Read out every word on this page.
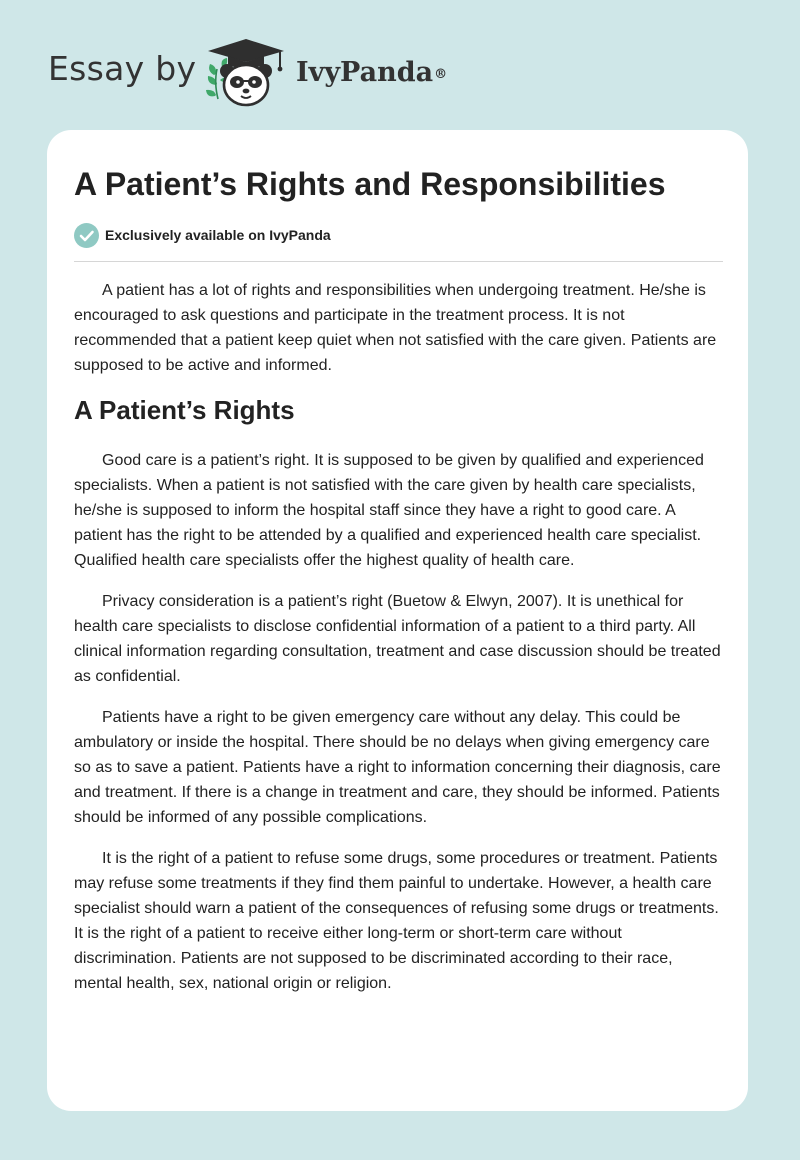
Essay by	IvyPanda®
A Patient’s Rights and Responsibilities
Exclusively available on IvyPanda

A patient has a lot of rights and responsibilities when undergoing treatment. He/she is encouraged to ask questions and participate in the treatment process. It is not recommended that a patient keep quiet when not satisfied with the care given. Patients are supposed to be active and informed.

A Patient’s Rights

Good care is a patient’s right. It is supposed to be given by qualified and experienced specialists. When a patient is not satisfied with the care given by health care specialists, he/she is supposed to inform the hospital staff since they have a right to good care. A patient has the right to be attended by a qualified and experienced health care specialist. Qualified health care specialists offer the highest quality of health care.

Privacy consideration is a patient’s right (Buetow & Elwyn, 2007). It is unethical for health care specialists to disclose confidential information of a patient to a third party. All clinical information regarding consultation, treatment and case discussion should be treated as confidential.

Patients have a right to be given emergency care without any delay. This could be ambulatory or inside the hospital. There should be no delays when giving emergency care so as to save a patient. Patients have a right to information concerning their diagnosis, care and treatment. If there is a change in treatment and care, they should be informed. Patients should be informed of any possible complications.

It is the right of a patient to refuse some drugs, some procedures or treatment. Patients may refuse some treatments if they find them painful to undertake. However, a health care specialist should warn a patient of the consequences of refusing some drugs or treatments. It is the right of a patient to receive either long-term or short-term care without discrimination. Patients are not supposed to be discriminated according to their race, mental health, sex, national origin or religion.
